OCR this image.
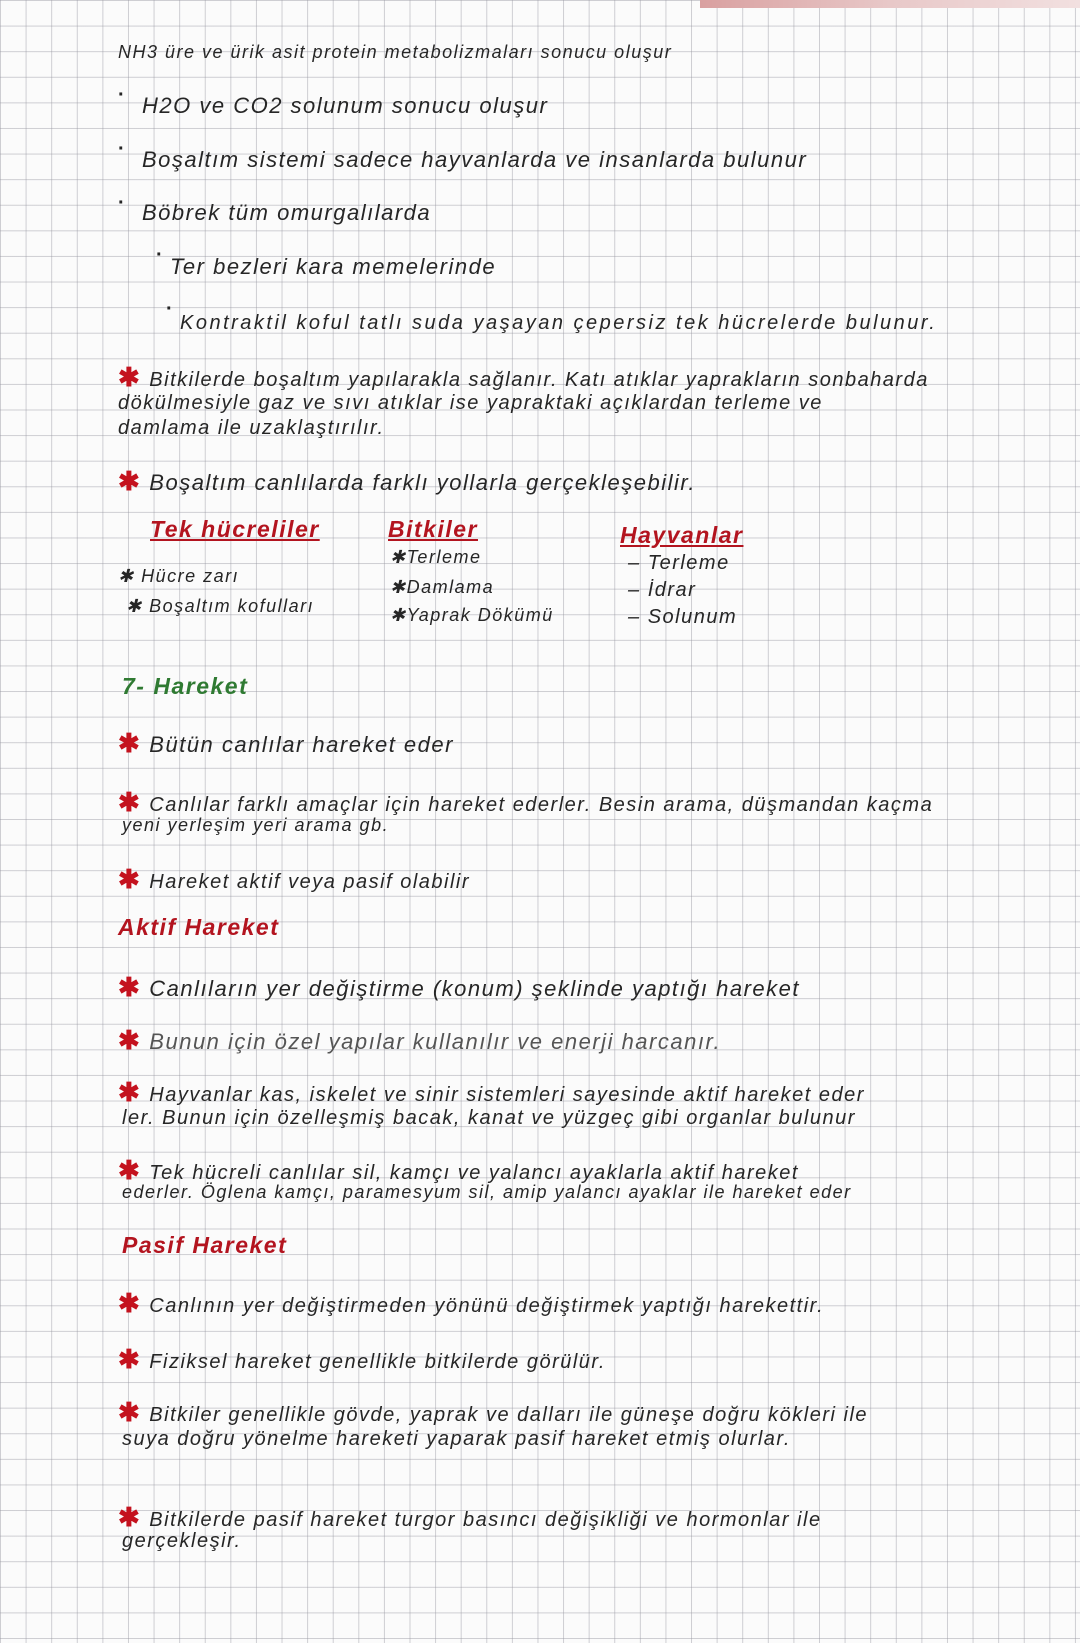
NH3 üre ve ürik asit protein metabolizmaları sonucu oluşur
· H2O ve CO2 solunum sonucu oluşur
· Boşaltım sistemi sadece hayvanlarda ve insanlarda bulunur
· Böbrek tüm omurgalılarda
· Ter bezleri kara memelerinde
·
Kontraktil koful tatlı suda yaşayan çepersiz tek hücrelerde bulunur.
✱ Bitkilerde boşaltım yapılarakla sağlanır. Katı atıklar yaprakların sonbaharda
dökülmesiyle gaz ve sıvı atıklar ise yapraktaki açıklardan terleme ve
damlama ile uzaklaştırılır.
✱ Boşaltım canlılarda farklı yollarla gerçekleşebilir.
Tek hücreliler	Bitkiler	Hayvanlar
✱ Hücre zarı
✱ Boşaltım kofulları
✱Terleme
✱Damlama
✱Yaprak Dökümü
– Terleme
– İdrar
– Solunum
7- Hareket
✱ Bütün canlılar hareket eder
✱ Canlılar farklı amaçlar için hareket ederler. Besin arama, düşmandan kaçma
yeni yerleşim yeri arama gb.
✱ Hareket aktif veya pasif olabilir
Aktif Hareket
✱ Canlıların yer değiştirme (konum) şeklinde yaptığı hareket
✱ Bunun için özel yapılar kullanılır ve enerji harcanır.
✱ Hayvanlar kas, iskelet ve sinir sistemleri sayesinde aktif hareket eder
ler. Bunun için özelleşmiş bacak, kanat ve yüzgeç gibi organlar bulunur
✱ Tek hücreli canlılar sil, kamçı ve yalancı ayaklarla aktif hareket
ederler. Öglena kamçı, paramesyum sil, amip yalancı ayaklar ile hareket eder
Pasif Hareket
✱ Canlının yer değiştirmeden yönünü değiştirmek yaptığı harekettir.
✱ Fiziksel hareket genellikle bitkilerde görülür.
✱ Bitkiler genellikle gövde, yaprak ve dalları ile güneşe doğru kökleri ile
suya doğru yönelme hareketi yaparak pasif hareket etmiş olurlar.
✱ Bitkilerde pasif hareket turgor basıncı değişikliği ve hormonlar ile
gerçekleşir.
